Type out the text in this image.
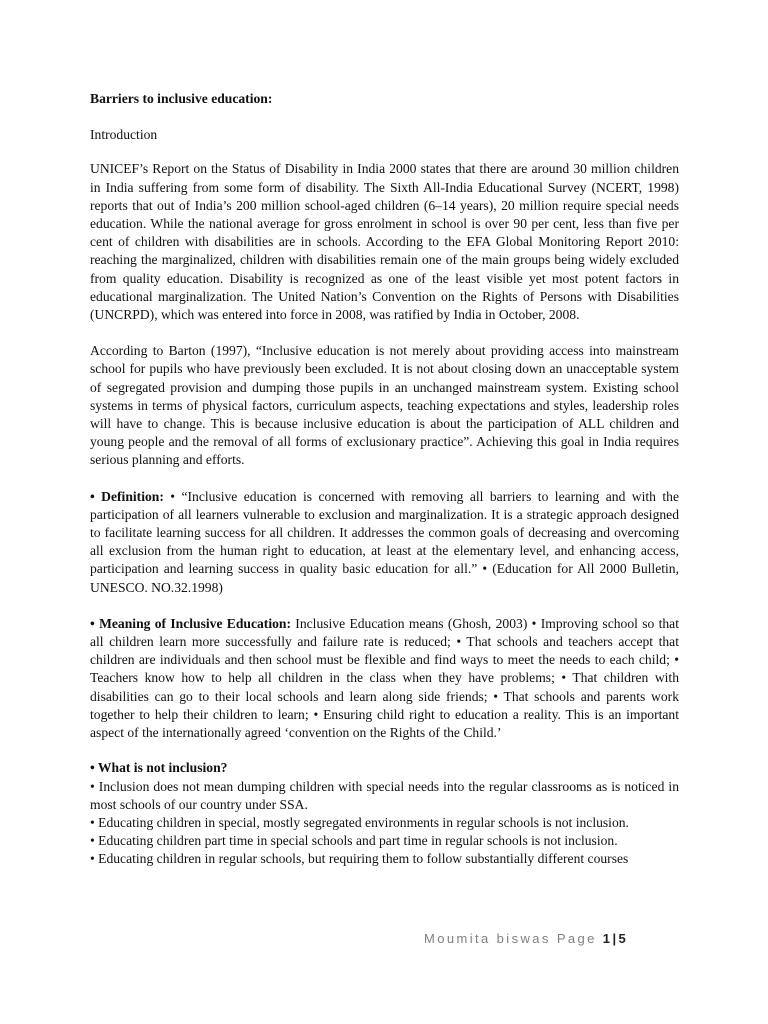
Barriers to inclusive education:

Introduction

UNICEF’s Report on the Status of Disability in India 2000 states that there are around 30 million children in India suffering from some form of disability. The Sixth All-India Educational Survey (NCERT, 1998) reports that out of India’s 200 million school-aged children (6–14 years), 20 million require special needs education. While the national average for gross enrolment in school is over 90 per cent, less than five per cent of children with disabilities are in schools. According to the EFA Global Monitoring Report 2010: reaching the marginalized, children with disabilities remain one of the main groups being widely excluded from quality education. Disability is recognized as one of the least visible yet most potent factors in educational marginalization. The United Nation’s Convention on the Rights of Persons with Disabilities (UNCRPD), which was entered into force in 2008, was ratified by India in October, 2008.

According to Barton (1997), “Inclusive education is not merely about providing access into mainstream school for pupils who have previously been excluded. It is not about closing down an unacceptable system of segregated provision and dumping those pupils in an unchanged mainstream system. Existing school systems in terms of physical factors, curriculum aspects, teaching expectations and styles, leadership roles will have to change. This is because inclusive education is about the participation of ALL children and young people and the removal of all forms of exclusionary practice”. Achieving this goal in India requires serious planning and efforts.

• Definition: • “Inclusive education is concerned with removing all barriers to learning and with the participation of all learners vulnerable to exclusion and marginalization. It is a strategic approach designed to facilitate learning success for all children. It addresses the common goals of decreasing and overcoming all exclusion from the human right to education, at least at the elementary level, and enhancing access, participation and learning success in quality basic education for all.” • (Education for All 2000 Bulletin, UNESCO. NO.32.1998)

• Meaning of Inclusive Education: Inclusive Education means (Ghosh, 2003) • Improving school so that all children learn more successfully and failure rate is reduced; • That schools and teachers accept that children are individuals and then school must be flexible and find ways to meet the needs to each child; • Teachers know how to help all children in the class when they have problems; • That children with disabilities can go to their local schools and learn along side friends; • That schools and parents work together to help their children to learn; • Ensuring child right to education a reality. This is an important aspect of the internationally agreed ‘convention on the Rights of the Child.’

• What is not inclusion?

• Inclusion does not mean dumping children with special needs into the regular classrooms as is noticed in most schools of our country under SSA.

• Educating children in special, mostly segregated environments in regular schools is not inclusion.

• Educating children part time in special schools and part time in regular schools is not inclusion.

• Educating children in regular schools, but requiring them to follow substantially different courses

Moumita biswas Page 1|5
